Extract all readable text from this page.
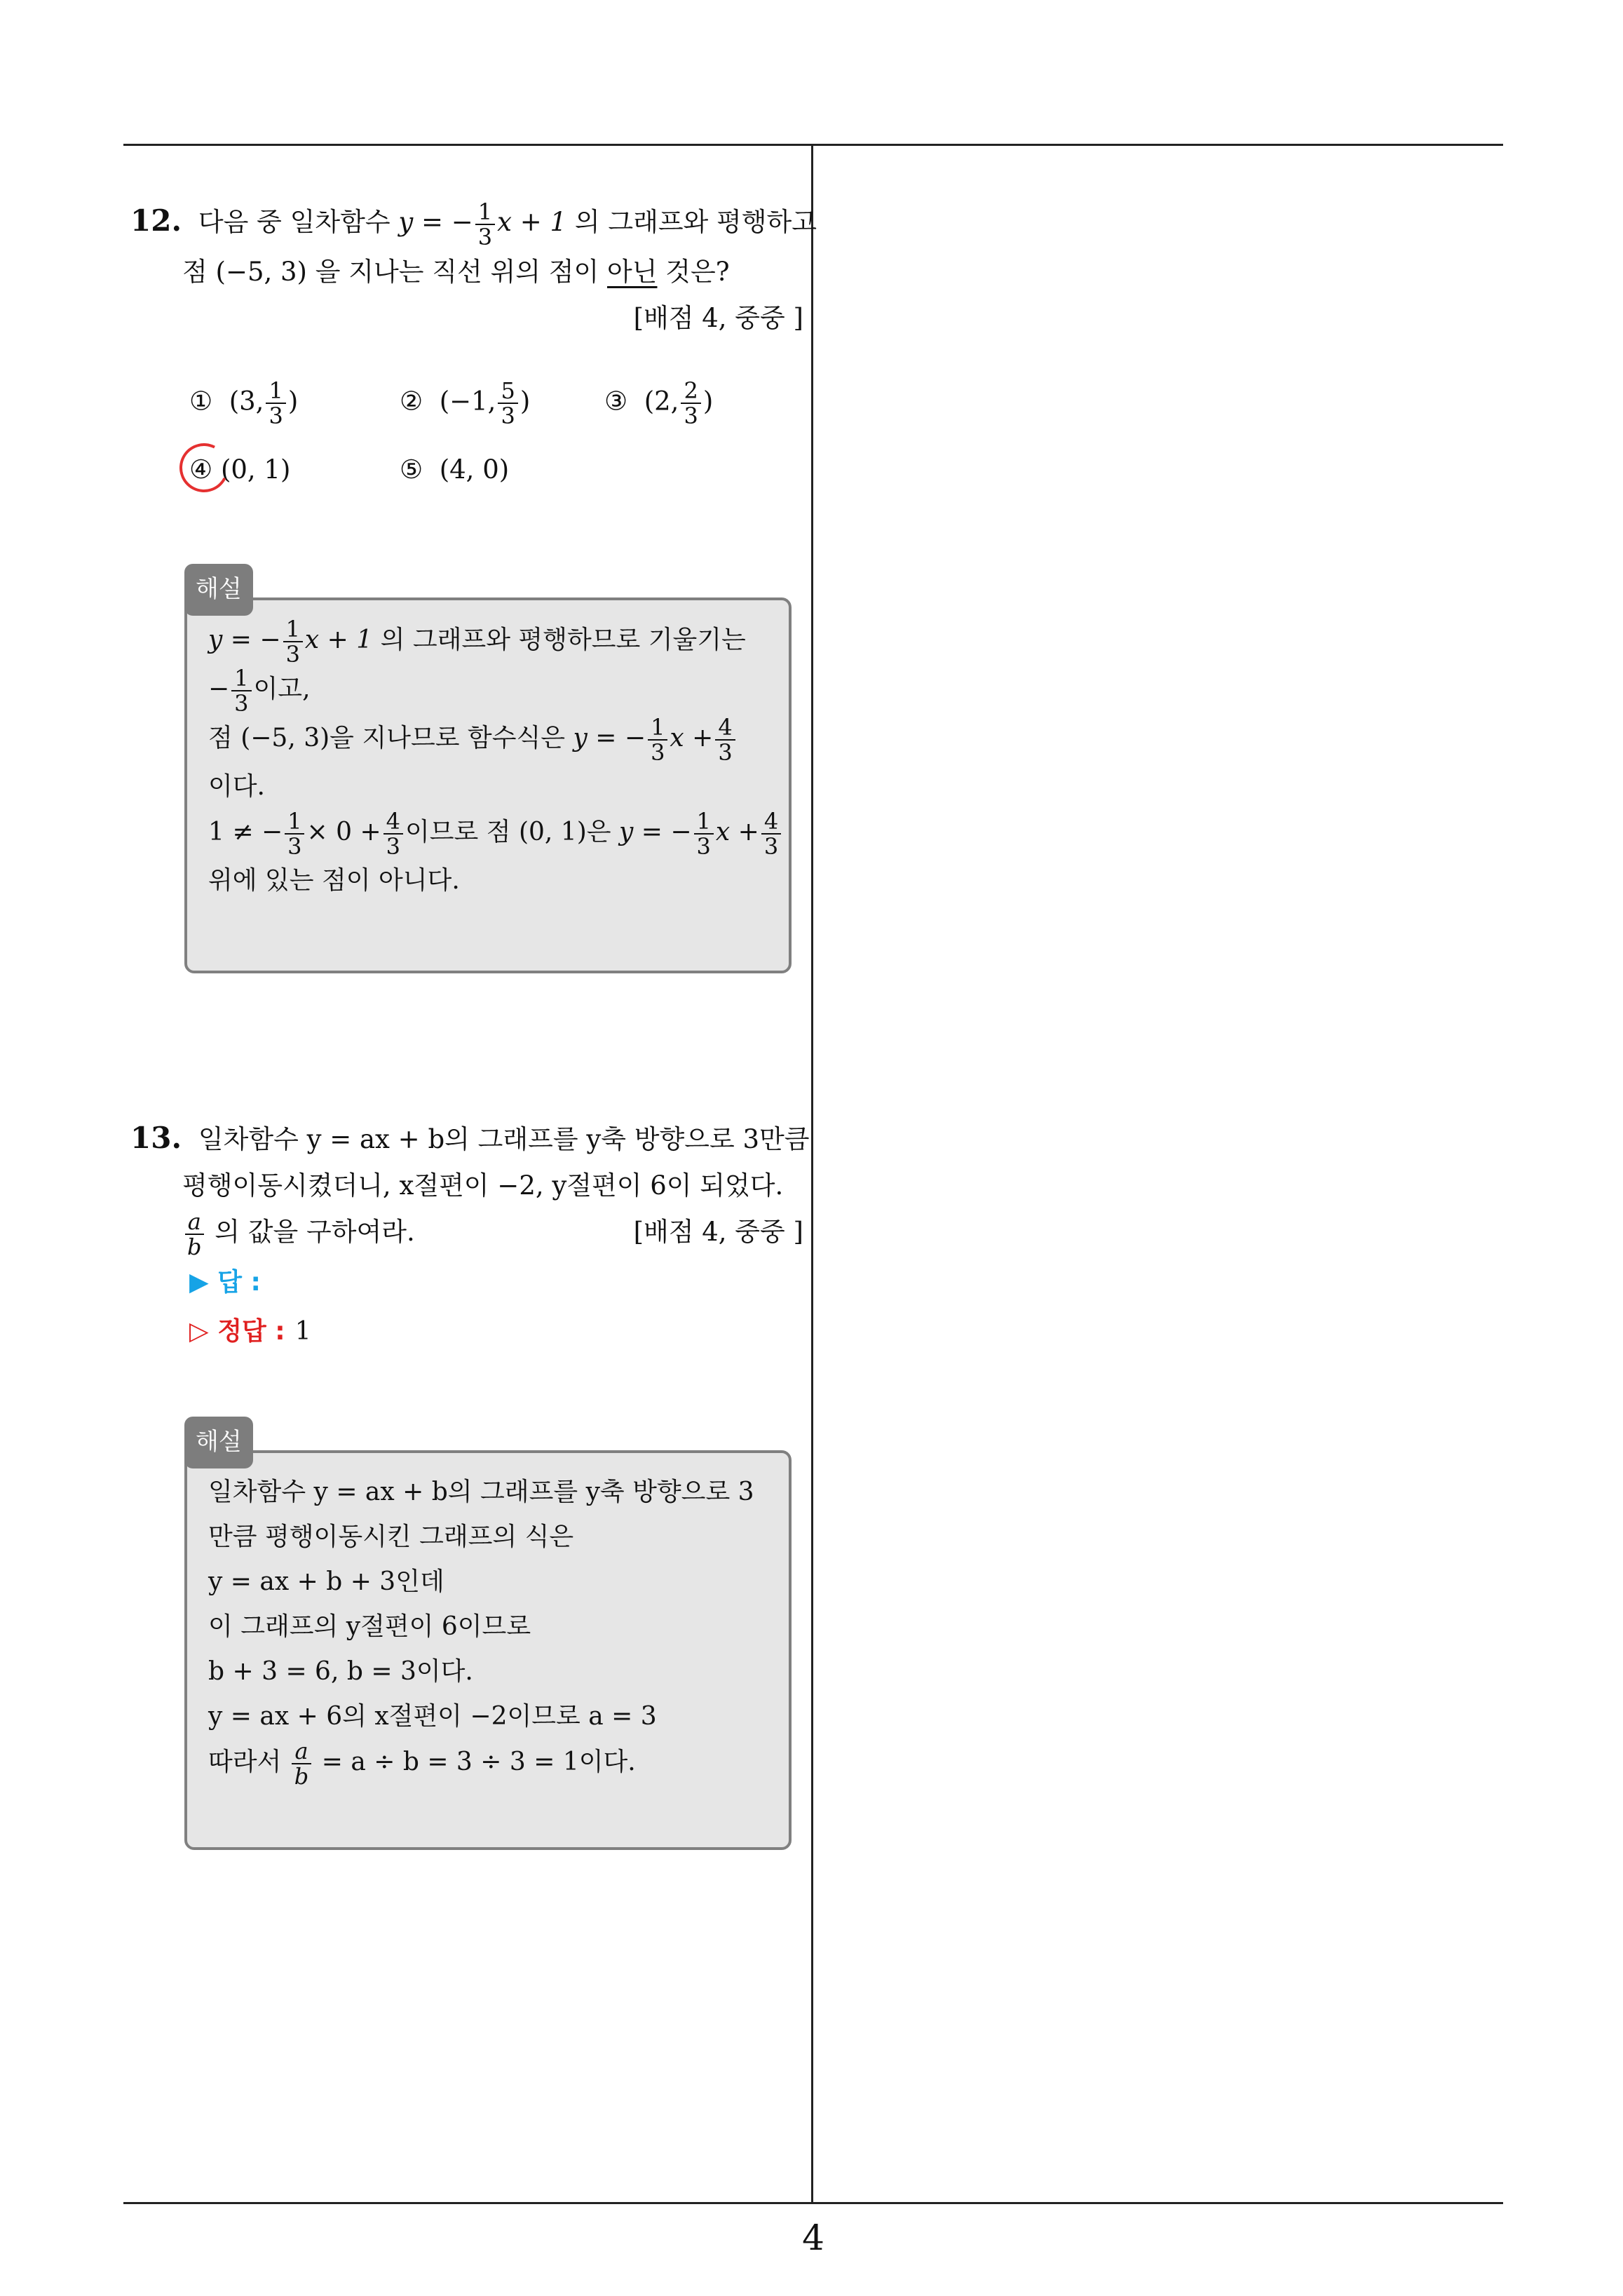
12. 다음 중 일차함수 y = − $\frac{1}{3}$ x + 1 의 그래프와 평행하고
점 (−5, 3) 을 지나는 직선 위의 점이 아닌 것은?
[배점 4, 중중 ]
① (3, $\frac{1}{3}$ )	② (−1, $\frac{5}{3}$ )	③ (2, $\frac{2}{3}$ )
④ (0, 1)	⑤ (4, 0)
해설
y = − $\frac{1}{3}$ x + 1 의 그래프와 평행하므로 기울기는
− $\frac{1}{3}$ 이고,
점 (−5, 3)을 지나므로 함수식은 y = − $\frac{1}{3}$ $x + \frac{4}{3}$
이다.
1 ≠ − $\frac{1}{3} \times 0 + \frac{4}{3}$ 이므로 점 (0, 1)은 y = − $\frac{1}{3}$ $x + \frac{4}{3}$
위에 있는 점이 아니다.
13. 일차함수 y = ax + b의 그래프를 y축 방향으로 3만큼
평행이동시켰더니, x절편이 −2, y절편이 6이 되었다.
$\frac{a}{b}$ 의 값을 구하여라.	[배점 4, 중중 ]
▶ 답 :
▷ 정답 : 1
해설
일차함수 y = ax + b의 그래프를 y축 방향으로 3
만큼 평행이동시킨 그래프의 식은
y = ax + b + 3인데
이 그래프의 y절편이 6이므로
b + 3 = 6, b = 3이다.
y = ax + 6의 x절편이 −2이므로 a = 3
따라서 $\frac{a}{b} = a \div b = 3 \div 3 = 1$이다.
4
